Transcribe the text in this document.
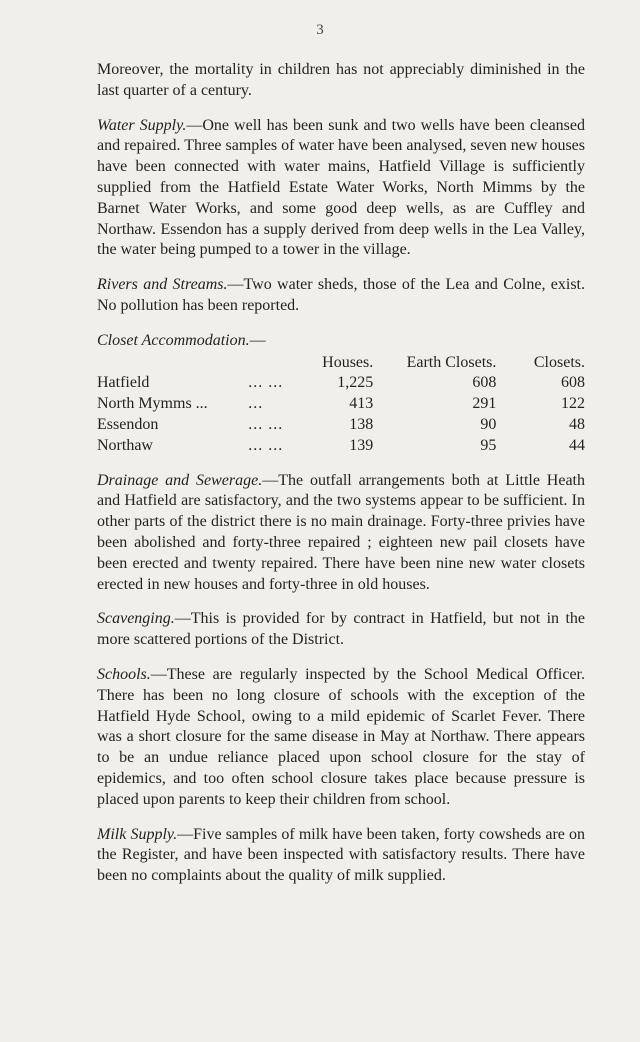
3

Moreover, the mortality in children has not appreciably diminished in the last quarter of a century.

Water Supply.—One well has been sunk and two wells have been cleansed and repaired. Three samples of water have been analysed, seven new houses have been connected with water mains, Hatfield Village is sufficiently supplied from the Hatfield Estate Water Works, North Mimms by the Barnet Water Works, and some good deep wells, as are Cuffley and Northaw. Essendon has a supply derived from deep wells in the Lea Valley, the water being pumped to a tower in the village.

Rivers and Streams.—Two water sheds, those of the Lea and Colne, exist. No pollution has been reported.

Closet Accommodation.—

		Houses.	Earth Closets.	Closets.
Hatfield	... ...	1,225	608	608
North Mymms ...	...	413	291	122
Essendon	... ...	138	90	48
Northaw	... ...	139	95	44

Drainage and Sewerage.—The outfall arrangements both at Little Heath and Hatfield are satisfactory, and the two systems appear to be sufficient. In other parts of the district there is no main drainage. Forty-three privies have been abolished and forty-three repaired ; eighteen new pail closets have been erected and twenty repaired. There have been nine new water closets erected in new houses and forty-three in old houses.

Scavenging.—This is provided for by contract in Hatfield, but not in the more scattered portions of the District.

Schools.—These are regularly inspected by the School Medical Officer. There has been no long closure of schools with the exception of the Hatfield Hyde School, owing to a mild epidemic of Scarlet Fever. There was a short closure for the same disease in May at Northaw. There appears to be an undue reliance placed upon school closure for the stay of epidemics, and too often school closure takes place because pressure is placed upon parents to keep their children from school.

Milk Supply.—Five samples of milk have been taken, forty cowsheds are on the Register, and have been inspected with satisfactory results. There have been no complaints about the quality of milk supplied.
